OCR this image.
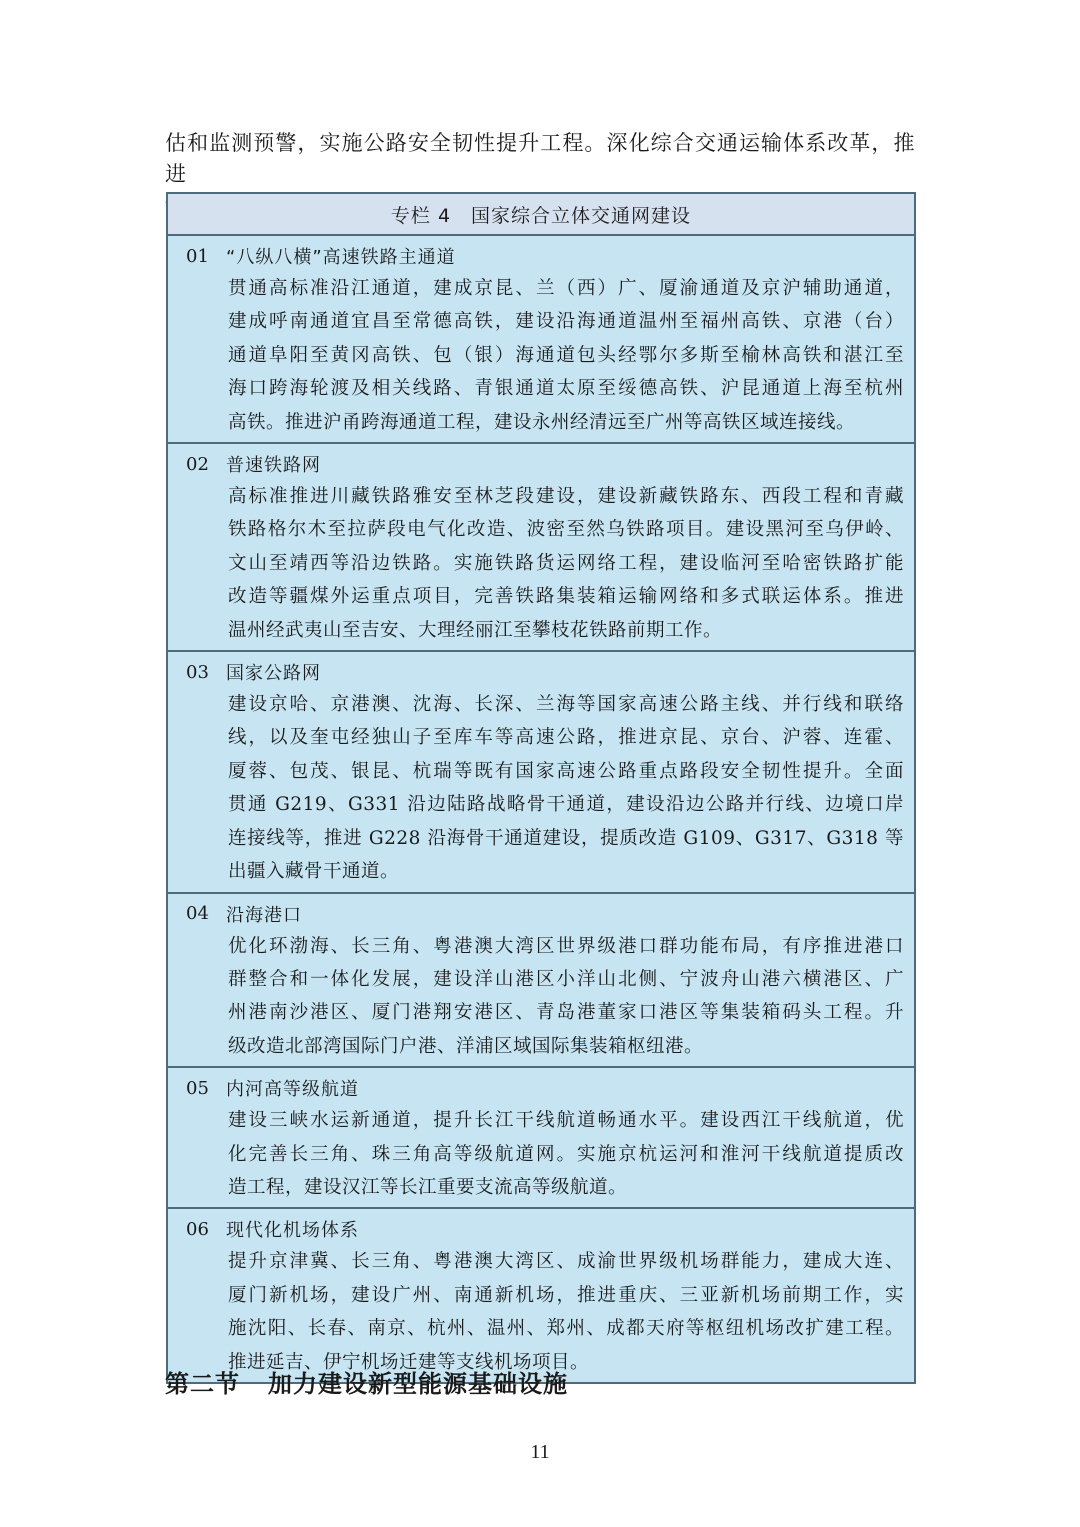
估和监测预警，实施公路安全韧性提升工程。深化综合交通运输体系改革，推进

专栏 4　国家综合立体交通网建设
01 “八纵八横”高速铁路主通道
贯通高标准沿江通道，建成京昆、兰（西）广、厦渝通道及京沪辅助通道，
建成呼南通道宜昌至常德高铁，建设沿海通道温州至福州高铁、京港（台）
通道阜阳至黄冈高铁、包（银）海通道包头经鄂尔多斯至榆林高铁和湛江至
海口跨海轮渡及相关线路、青银通道太原至绥德高铁、沪昆通道上海至杭州
高铁。推进沪甬跨海通道工程，建设永州经清远至广州等高铁区域连接线。
02 普速铁路网
高标准推进川藏铁路雅安至林芝段建设，建设新藏铁路东、西段工程和青藏
铁路格尔木至拉萨段电气化改造、波密至然乌铁路项目。建设黑河至乌伊岭、
文山至靖西等沿边铁路。实施铁路货运网络工程，建设临河至哈密铁路扩能
改造等疆煤外运重点项目，完善铁路集装箱运输网络和多式联运体系。推进
温州经武夷山至吉安、大理经丽江至攀枝花铁路前期工作。
03 国家公路网
建设京哈、京港澳、沈海、长深、兰海等国家高速公路主线、并行线和联络
线，以及奎屯经独山子至库车等高速公路，推进京昆、京台、沪蓉、连霍、
厦蓉、包茂、银昆、杭瑞等既有国家高速公路重点路段安全韧性提升。全面
贯通 G219、G331 沿边陆路战略骨干通道，建设沿边公路并行线、边境口岸
连接线等，推进 G228 沿海骨干通道建设，提质改造 G109、G317、G318 等
出疆入藏骨干通道。
04 沿海港口
优化环渤海、长三角、粤港澳大湾区世界级港口群功能布局，有序推进港口
群整合和一体化发展，建设洋山港区小洋山北侧、宁波舟山港六横港区、广
州港南沙港区、厦门港翔安港区、青岛港董家口港区等集装箱码头工程。升
级改造北部湾国际门户港、洋浦区域国际集装箱枢纽港。
05 内河高等级航道
建设三峡水运新通道，提升长江干线航道畅通水平。建设西江干线航道，优
化完善长三角、珠三角高等级航道网。实施京杭运河和淮河干线航道提质改
造工程，建设汉江等长江重要支流高等级航道。
06 现代化机场体系
提升京津冀、长三角、粤港澳大湾区、成渝世界级机场群能力，建成大连、
厦门新机场，建设广州、南通新机场，推进重庆、三亚新机场前期工作，实
施沈阳、长春、南京、杭州、温州、郑州、成都天府等枢纽机场改扩建工程。
推进延吉、伊宁机场迁建等支线机场项目。
第二节 加力建设新型能源基础设施
11
